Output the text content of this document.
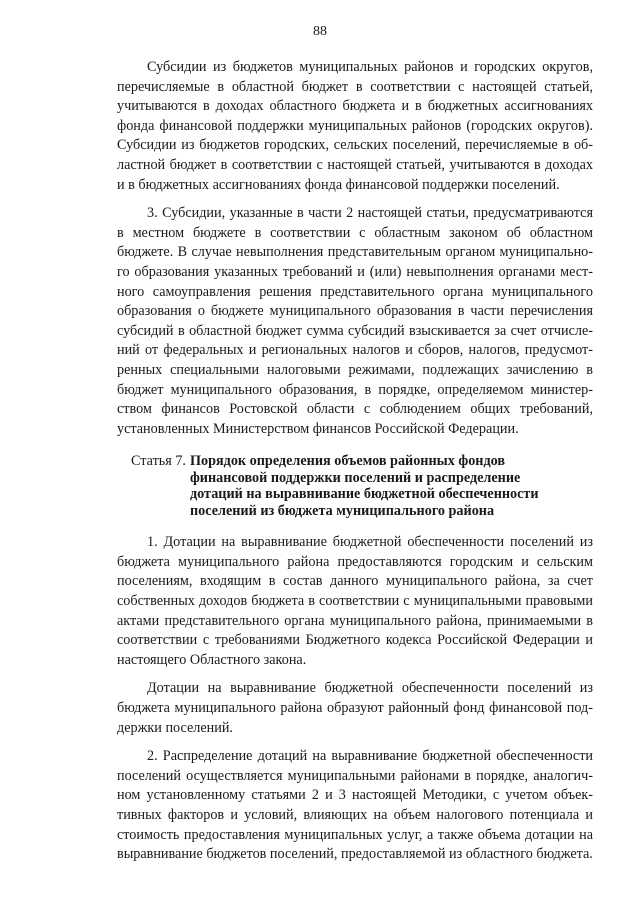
88

Субсидии из бюджетов муниципальных районов и городских округов, перечисляемые в областной бюджет в соответствии с настоящей статьей, учитываются в доходах областного бюджета и в бюджетных ассигнованиях фонда финансовой поддержки муниципальных районов (городских округов). Субсидии из бюджетов городских, сельских поселений, перечисляемые в областной бюджет в соответствии с настоящей статьей, учитываются в доходах и в бюджетных ассигнованиях фонда финансовой поддержки поселений.

3. Субсидии, указанные в части 2 настоящей статьи, предусматриваются в местном бюджете в соответствии с областным законом об областном бюджете. В случае невыполнения представительным органом муниципального образования указанных требований и (или) невыполнения органами местного самоуправления решения представительного органа муниципального образования о бюджете муниципального образования в части перечисления субсидий в областной бюджет сумма субсидий взыскивается за счет отчислений от федеральных и региональных налогов и сборов, налогов, предусмотренных специальными налоговыми режимами, подлежащих зачислению в бюджет муниципального образования, в порядке, определяемом министерством финансов Ростовской области с соблюдением общих требований, установленных Министерством финансов Российской Федерации.

Статья 7. Порядок определения объемов районных фондов
финансовой поддержки поселений и распределение
дотаций на выравнивание бюджетной обеспеченности
поселений из бюджета муниципального района

1. Дотации на выравнивание бюджетной обеспеченности поселений из бюджета муниципального района предоставляются городским и сельским поселениям, входящим в состав данного муниципального района, за счет собственных доходов бюджета в соответствии с муниципальными правовыми актами представительного органа муниципального района, принимаемыми в соответствии с требованиями Бюджетного кодекса Российской Федерации и настоящего Областного закона.

Дотации на выравнивание бюджетной обеспеченности поселений из бюджета муниципального района образуют районный фонд финансовой поддержки поселений.

2. Распределение дотаций на выравнивание бюджетной обеспеченности поселений осуществляется муниципальными районами в порядке, аналогичном установленному статьями 2 и 3 настоящей Методики, с учетом объективных факторов и условий, влияющих на объем налогового потенциала и стоимость предоставления муниципальных услуг, а также объема дотации на выравнивание бюджетов поселений, предоставляемой из областного бюджета.
